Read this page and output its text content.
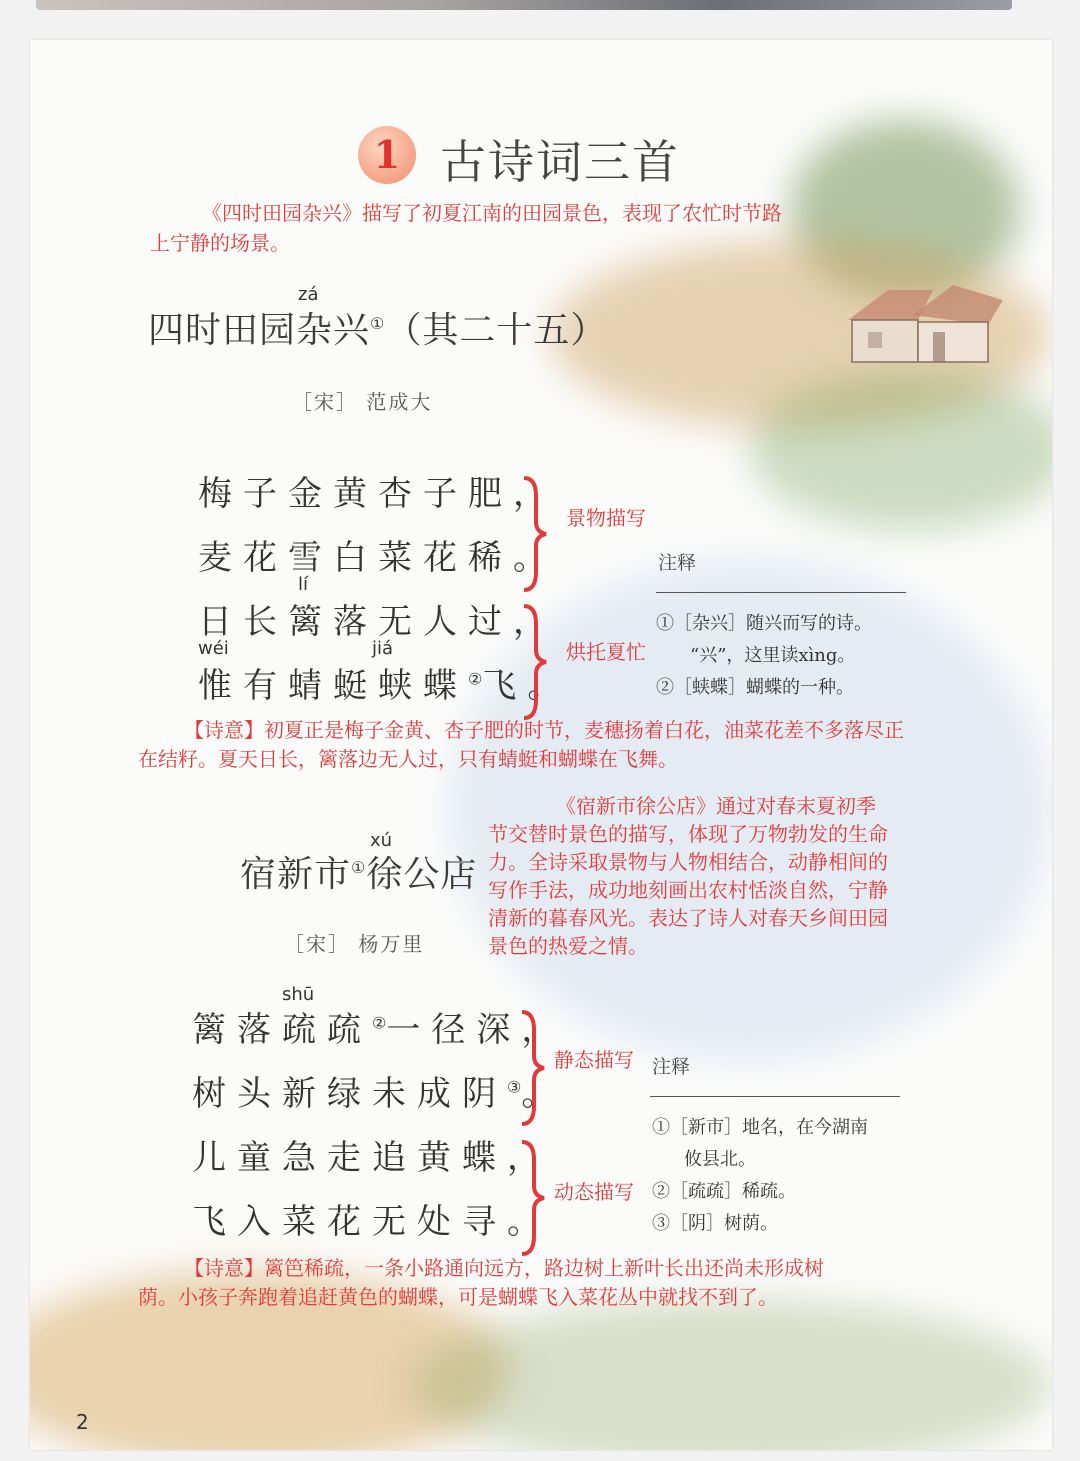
1 古诗词三首
《四时田园杂兴》描写了初夏江南的田园景色，表现了农忙时节路上宁静的场景。
zá
四时田园杂兴①（其二十五）
［宋］ 范成大
梅子金黄杏子肥，
麦花雪白菜花稀。
lí
日长篱落无人过，
wéi	jiá
惟有蜻蜓蛱蝶②飞。
景物描写
烘托夏忙
注释
①［杂兴］随兴而写的诗。
“兴”，这里读xìng。
②［蛱蝶］蝴蝶的一种。
【诗意】初夏正是梅子金黄、杏子肥的时节，麦穗扬着白花，油菜花差不多落尽正在结籽。夏天日长，篱落边无人过，只有蜻蜓和蝴蝶在飞舞。
《宿新市徐公店》通过对春末夏初季节交替时景色的描写，体现了万物勃发的生命力。全诗采取景物与人物相结合，动静相间的写作手法，成功地刻画出农村恬淡自然，宁静清新的暮春风光。表达了诗人对春天乡间田园景色的热爱之情。
xú
宿新市①徐公店
［宋］ 杨万里
shū
篱落疏疏②一径深，
树头新绿未成阴③。
儿童急走追黄蝶，
飞入菜花无处寻。
静态描写
动态描写
注释
①［新市］地名，在今湖南
攸县北。
②［疏疏］稀疏。
③［阴］树荫。
【诗意】篱笆稀疏，一条小路通向远方，路边树上新叶长出还尚未形成树荫。小孩子奔跑着追赶黄色的蝴蝶，可是蝴蝶飞入菜花丛中就找不到了。
2
